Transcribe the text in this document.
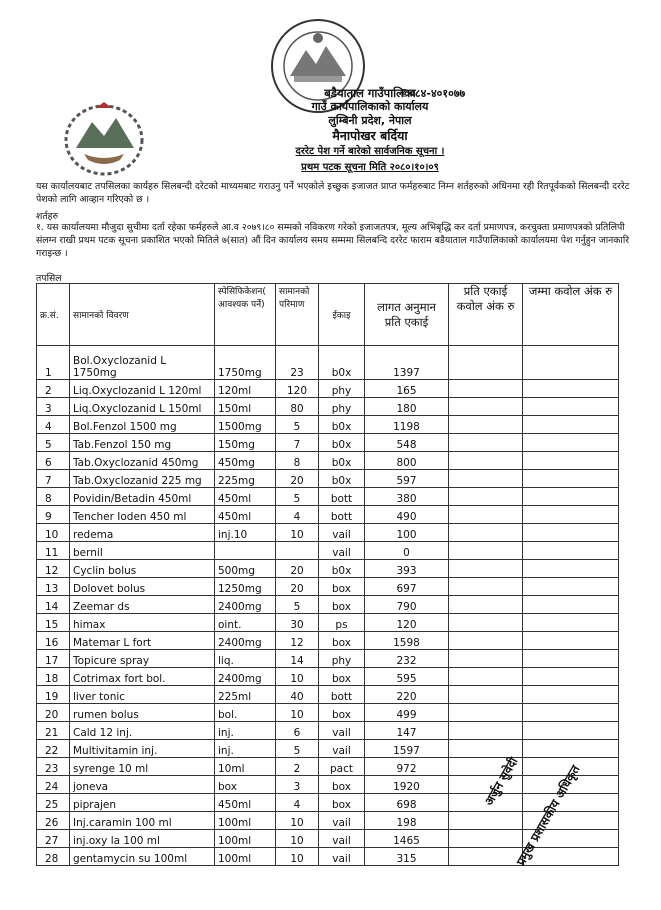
बडैयाताल गाउँपालिका
गाउँ कार्यपालिकाको कार्यालय
लुम्बिनी प्रदेश, नेपाल
मैनापोखर बर्दिया
दररेट पेश गर्ने बारेको सार्वजनिक सूचना ।
प्रथम पटक सूचना मिति २०८०।१०।०९
✆०८४-४०१०७७
यस कार्यालयबाट तपसिलका कार्यहरु सिलबन्दी दरेटको माध्यमबाट गराउनु पर्ने भएकोले इच्छुक इजाजत प्राप्त फर्महरुबाट निम्न शर्तहरुको अधिनमा रही रितपूर्वकको सिलबन्दी दररेट पेशको लागि आव्हान गरिएको छ ।
शर्तहरु
१. यस कार्यालयमा मौजुदा सुचीमा दर्ता रहेका फर्महरुले आ.व २०७९।८० सम्मको नविकरण गरेको इजाजतपत्र, मूल्य अभिबृद्धि कर दर्ता प्रमाणपत्र, करचुक्ता प्रमाणपत्रको प्रतिलिपी संलग्न राखी प्रथम पटक सूचना प्रकाशित भएको मितिले ७(सात) औं दिन कार्यालय समय सम्ममा सिलबन्दि दररेट फाराम बडैयाताल गाउँपालिकाको कार्यालयमा पेश गर्नुहुन जानकारि गराइन्छ ।
तपसिल
क्र.सं.	सामानको विवरण	स्पेसिफिकेशन( आवश्यक पर्ने)	सामानको परिमाण	ईकाइ	लागत अनुमान प्रति एकाई	प्रति एकाई कवोल अंक रु	जम्मा कवोल अंक रु
1	Bol.Oxyclozanid L 1750mg	1750mg	23	b0x	1397		
2	Liq.Oxyclozanid L 120ml	120ml	120	phy	165		
3	Liq.Oxyclozanid L 150ml	150ml	80	phy	180		
4	Bol.Fenzol 1500 mg	1500mg	5	b0x	1198		
5	Tab.Fenzol 150 mg	150mg	7	b0x	548		
6	Tab.Oxyclozanid 450mg	450mg	8	b0x	800		
7	Tab.Oxyclozanid 225 mg	225mg	20	b0x	597		
8	Povidin/Betadin 450ml	450ml	5	bott	380		
9	Tencher Ioden 450 ml	450ml	4	bott	490		
10	redema	inj.10	10	vail	100		
11	bernil			vail	0		
12	Cyclin bolus	500mg	20	b0x	393		
13	Dolovet bolus	1250mg	20	box	697		
14	Zeemar ds	2400mg	5	box	790		
15	himax	oint.	30	ps	120		
16	Matemar L fort	2400mg	12	box	1598		
17	Topicure spray	liq.	14	phy	232		
18	Cotrimax fort bol.	2400mg	10	box	595		
19	liver tonic	225ml	40	bott	220		
20	rumen bolus	bol.	10	box	499		
21	Cald 12 inj.	inj.	6	vail	147		
22	Multivitamin inj.	inj.	5	vail	1597		
23	syrenge 10 ml	10ml	2	pact	972		
24	joneva	box	3	box	1920		
25	piprajen	450ml	4	box	698		
26	Inj.caramin 100 ml	100ml	10	vail	198		
27	inj.oxy la 100 ml	100ml	10	vail	1465		
28	gentamycin su 100ml	100ml	10	vail	315		
अर्जुन सुवेदी
प्रमुख प्रशासकीय अधिकृत
